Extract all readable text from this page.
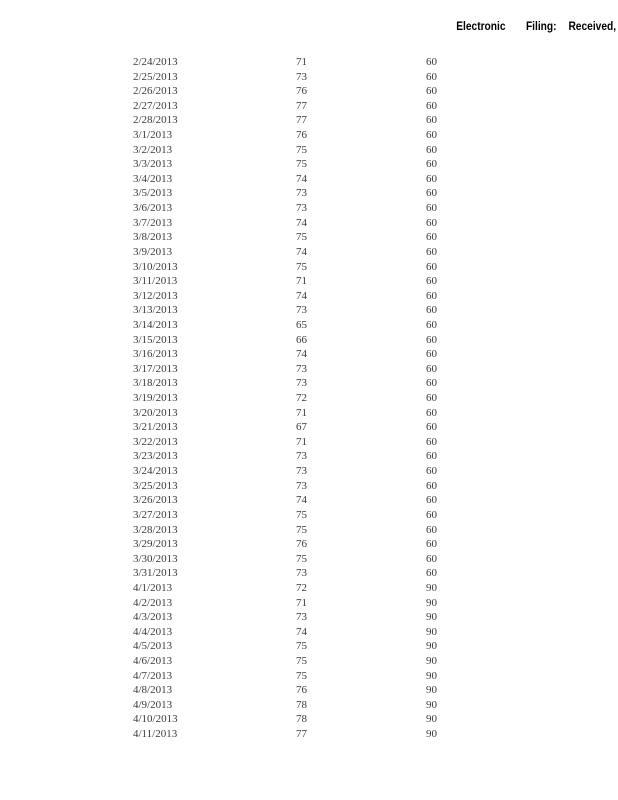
Electronic Filing: Received,
2/24/2013	71	60
2/25/2013	73	60
2/26/2013	76	60
2/27/2013	77	60
2/28/2013	77	60
3/1/2013	76	60
3/2/2013	75	60
3/3/2013	75	60
3/4/2013	74	60
3/5/2013	73	60
3/6/2013	73	60
3/7/2013	74	60
3/8/2013	75	60
3/9/2013	74	60
3/10/2013	75	60
3/11/2013	71	60
3/12/2013	74	60
3/13/2013	73	60
3/14/2013	65	60
3/15/2013	66	60
3/16/2013	74	60
3/17/2013	73	60
3/18/2013	73	60
3/19/2013	72	60
3/20/2013	71	60
3/21/2013	67	60
3/22/2013	71	60
3/23/2013	73	60
3/24/2013	73	60
3/25/2013	73	60
3/26/2013	74	60
3/27/2013	75	60
3/28/2013	75	60
3/29/2013	76	60
3/30/2013	75	60
3/31/2013	73	60
4/1/2013	72	90
4/2/2013	71	90
4/3/2013	73	90
4/4/2013	74	90
4/5/2013	75	90
4/6/2013	75	90
4/7/2013	75	90
4/8/2013	76	90
4/9/2013	78	90
4/10/2013	78	90
4/11/2013	77	90
